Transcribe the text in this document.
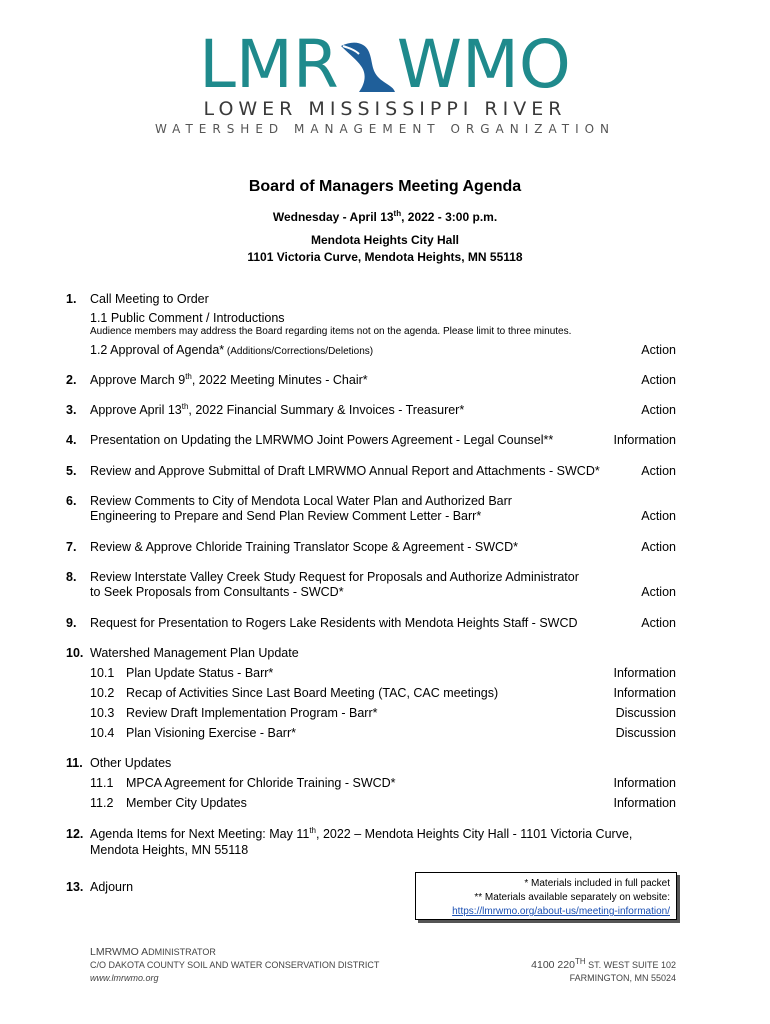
LMR WMO
LOWER MISSISSIPPI RIVER
WATERSHED MANAGEMENT ORGANIZATION
Board of Managers Meeting Agenda
Wednesday - April 13th, 2022 - 3:00 p.m.
Mendota Heights City Hall
1101 Victoria Curve, Mendota Heights, MN 55118
1. Call Meeting to Order
1.1 Public Comment / Introductions
Audience members may address the Board regarding items not on the agenda. Please limit to three minutes.
1.2 Approval of Agenda* (Additions/Corrections/Deletions)	Action
2. Approve March 9th, 2022 Meeting Minutes - Chair*	Action
3. Approve April 13th, 2022 Financial Summary & Invoices - Treasurer*	Action
4. Presentation on Updating the LMRWMO Joint Powers Agreement - Legal Counsel**	Information
5. Review and Approve Submittal of Draft LMRWMO Annual Report and Attachments - SWCD*	Action
6. Review Comments to City of Mendota Local Water Plan and Authorized Barr
Engineering to Prepare and Send Plan Review Comment Letter - Barr*	Action
7. Review & Approve Chloride Training Translator Scope & Agreement - SWCD*	Action
8. Review Interstate Valley Creek Study Request for Proposals and Authorize Administrator
to Seek Proposals from Consultants - SWCD*	Action
9. Request for Presentation to Rogers Lake Residents with Mendota Heights Staff - SWCD	Action
10. Watershed Management Plan Update
10.1 Plan Update Status - Barr*	Information
10.2 Recap of Activities Since Last Board Meeting (TAC, CAC meetings)	Information
10.3 Review Draft Implementation Program - Barr*	Discussion
10.4 Plan Visioning Exercise - Barr*	Discussion
11. Other Updates
11.1 MPCA Agreement for Chloride Training - SWCD*	Information
11.2 Member City Updates	Information
12. Agenda Items for Next Meeting: May 11th, 2022 – Mendota Heights City Hall - 1101 Victoria Curve,
Mendota Heights, MN 55118
13. Adjourn	* Materials included in full packet
** Materials available separately on website:
https://lmrwmo.org/about-us/meeting-information/
LMRWMO ADMINISTRATOR
C/O DAKOTA COUNTY SOIL AND WATER CONSERVATION DISTRICT
www.lmrwmo.org
4100 220TH ST. WEST SUITE 102
FARMINGTON, MN 55024
